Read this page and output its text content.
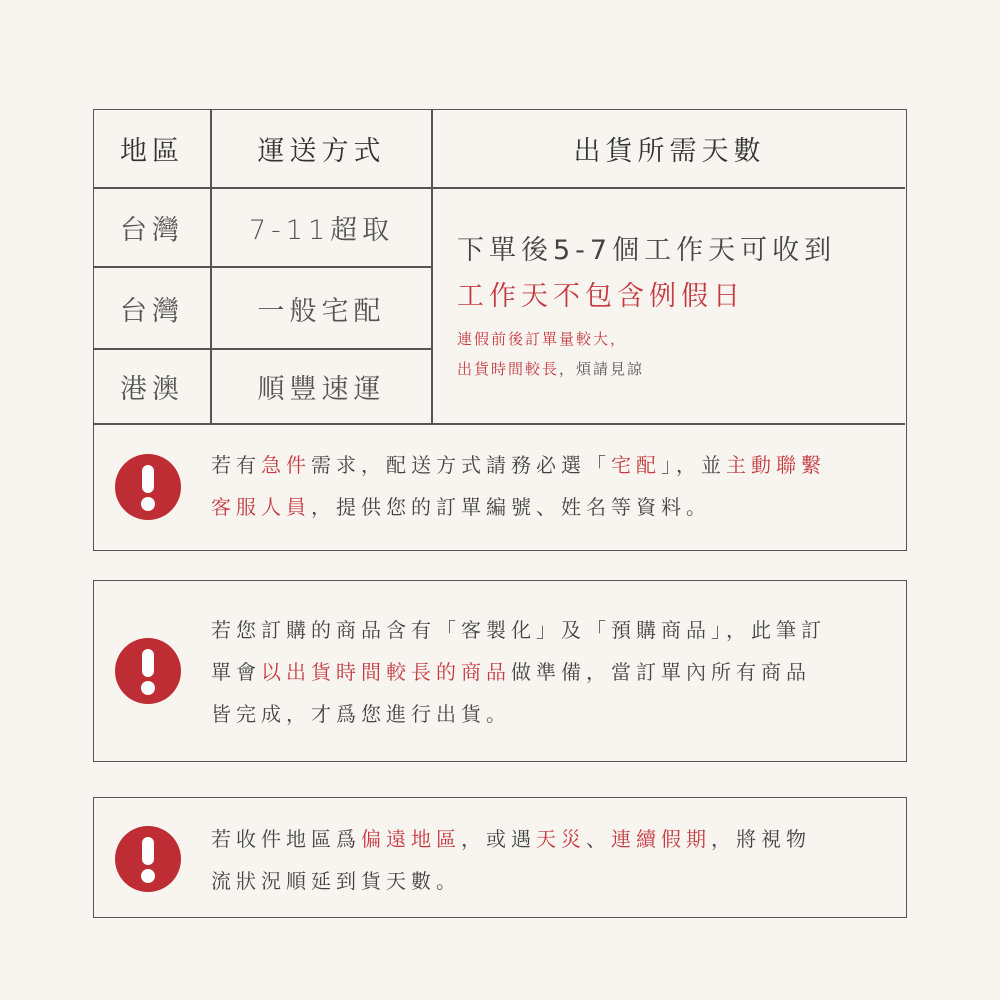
地區	運送方式	出貨所需天數
台灣	7-11超取
台灣	一般宅配
港澳	順豐速運
下單後5-7個工作天可收到
工作天不包含例假日
連假前後訂單量較大，
出貨時間較長，煩請見諒
若有急件需求，配送方式請務必選「宅配」，並主動聯繫
客服人員，提供您的訂單編號、姓名等資料。
若您訂購的商品含有「客製化」及「預購商品」，此筆訂
單會以出貨時間較長的商品做準備，當訂單內所有商品
皆完成，才爲您進行出貨。
若收件地區爲偏遠地區，或遇天災、連續假期，將視物
流狀況順延到貨天數。
